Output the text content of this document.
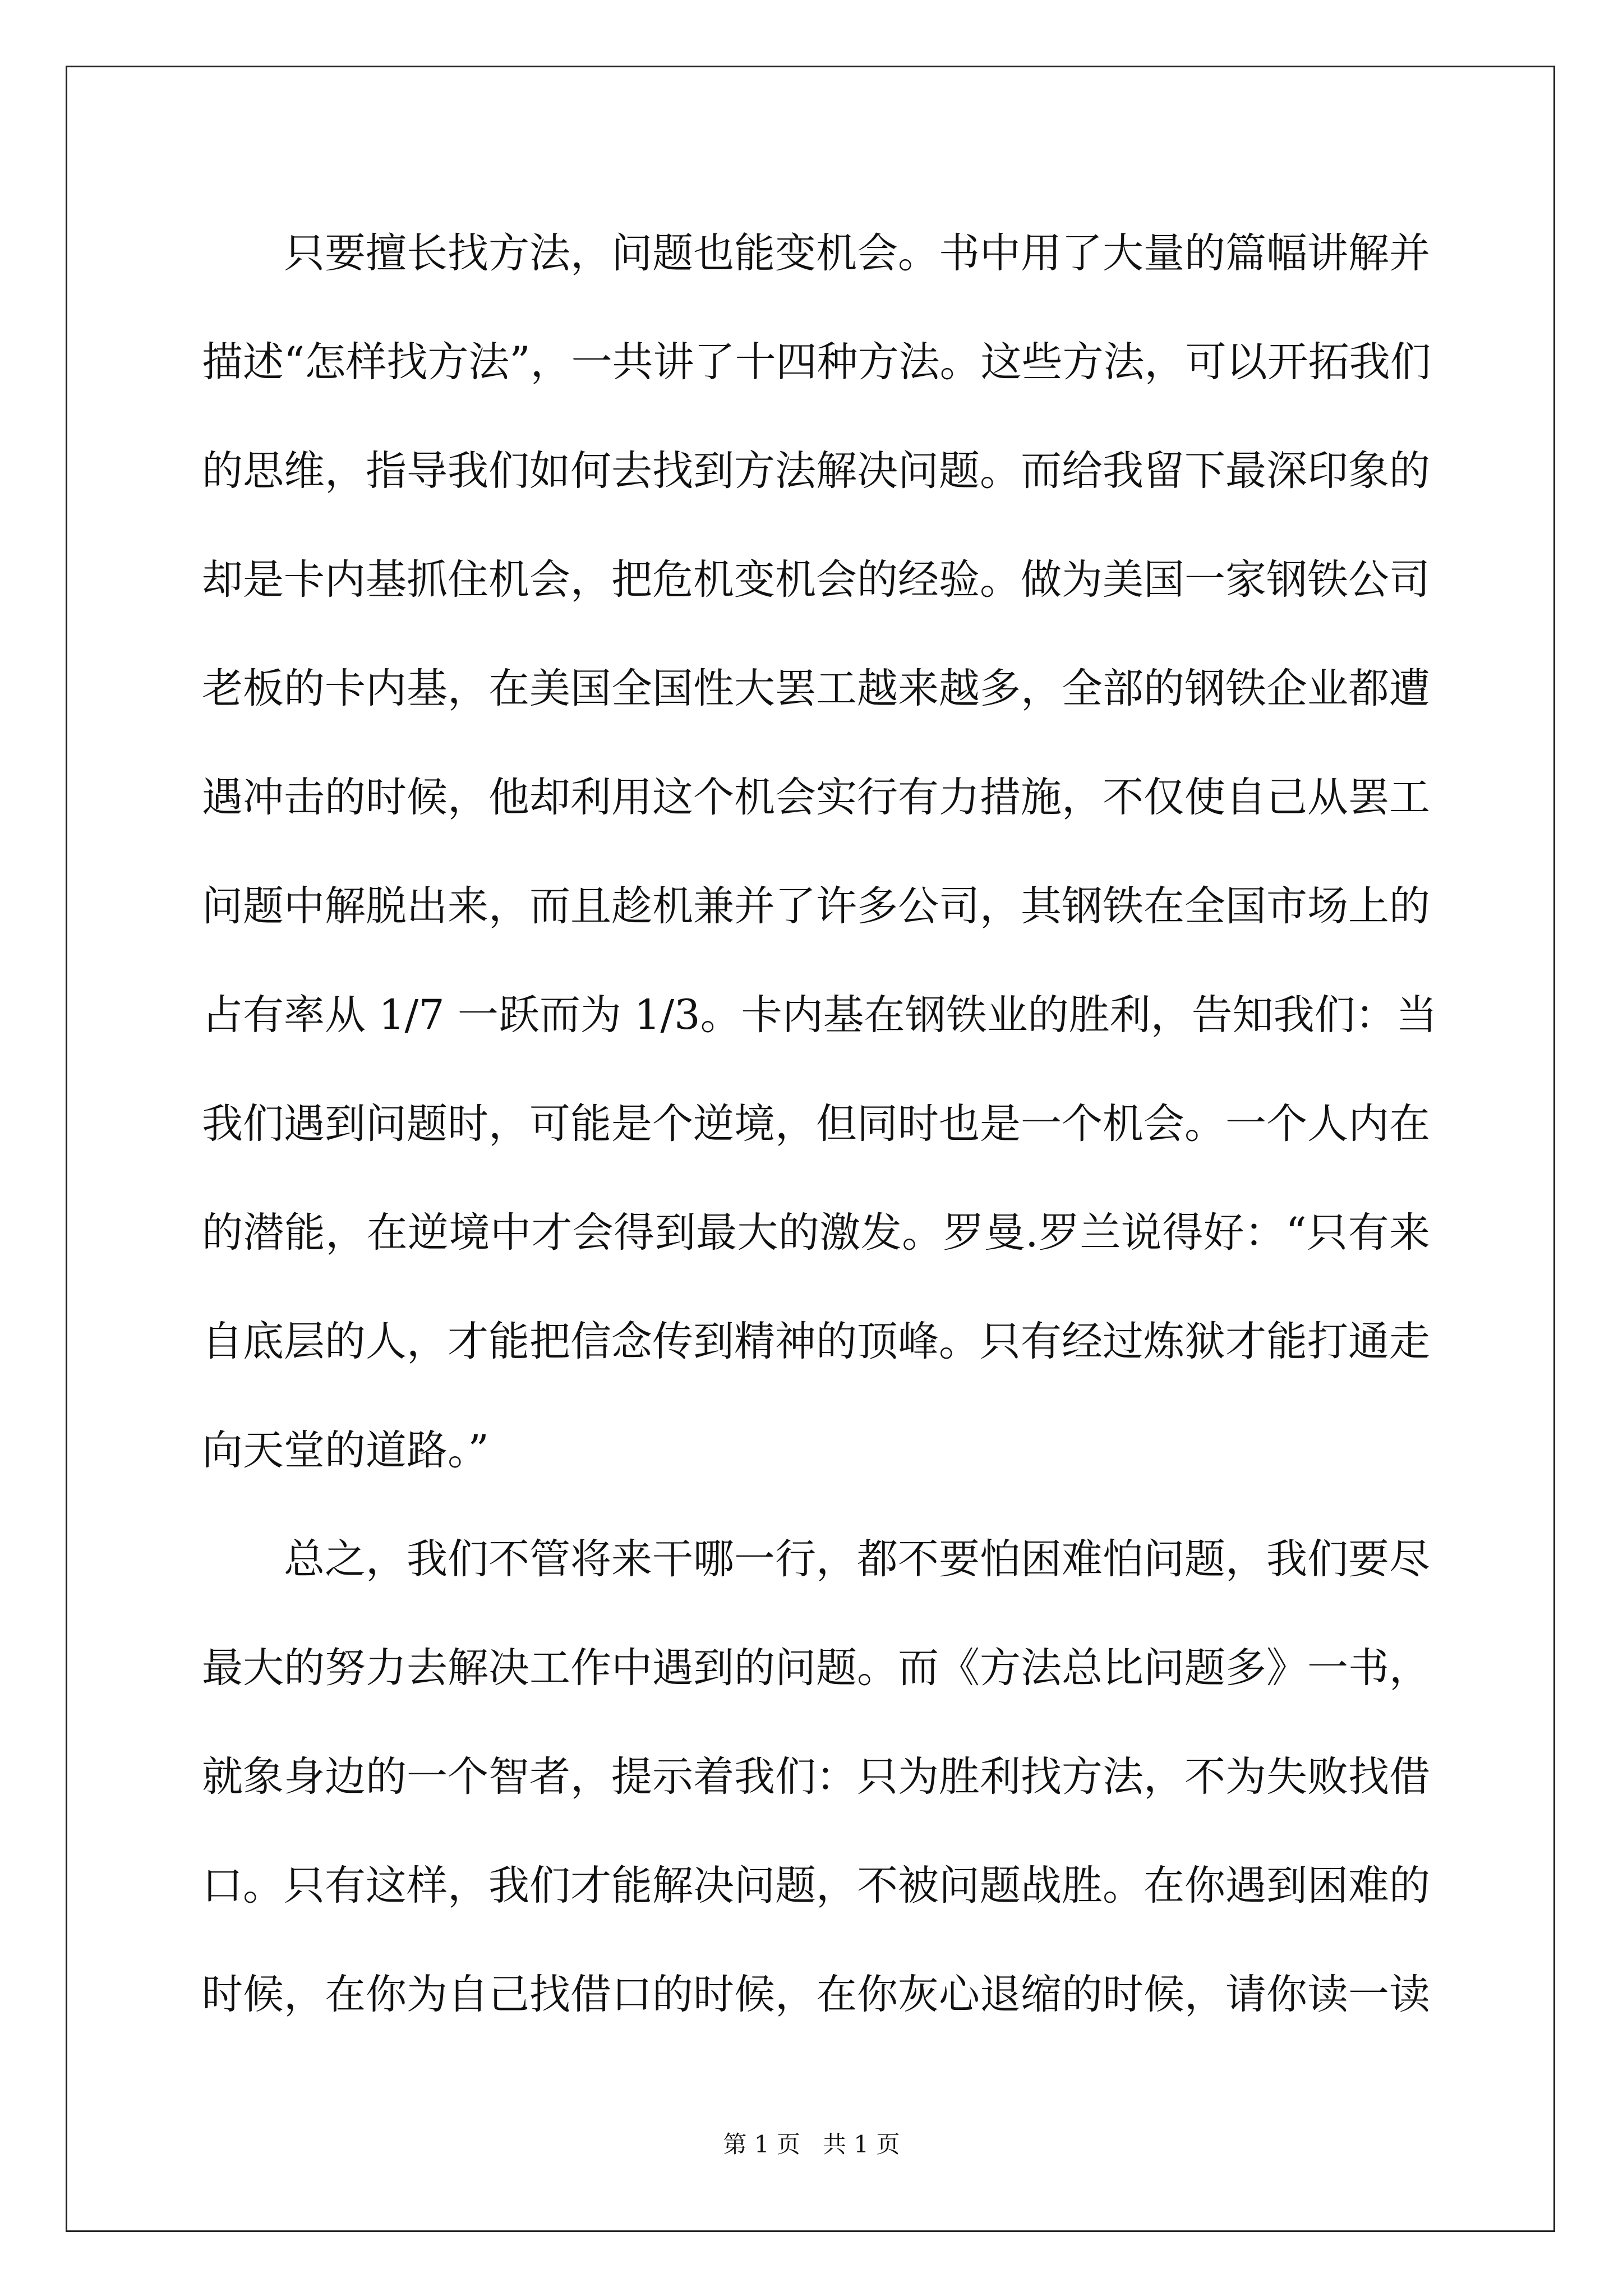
只要擅长找方法，问题也能变机会。书中用了大量的篇幅讲解并
描述“怎样找方法”，一共讲了十四种方法。这些方法，可以开拓我们
的思维，指导我们如何去找到方法解决问题。而给我留下最深印象的
却是卡内基抓住机会，把危机变机会的经验。做为美国一家钢铁公司
老板的卡内基，在美国全国性大罢工越来越多，全部的钢铁企业都遭
遇冲击的时候，他却利用这个机会实行有力措施，不仅使自己从罢工
问题中解脱出来，而且趁机兼并了许多公司，其钢铁在全国市场上的
占有率从 1/7 一跃而为 1/3。卡内基在钢铁业的胜利，告知我们：当
我们遇到问题时，可能是个逆境，但同时也是一个机会。一个人内在
的潜能，在逆境中才会得到最大的激发。罗曼.罗兰说得好：“只有来
自底层的人，才能把信念传到精神的顶峰。只有经过炼狱才能打通走
向天堂的道路。”
总之，我们不管将来干哪一行，都不要怕困难怕问题，我们要尽
最大的努力去解决工作中遇到的问题。而《方法总比问题多》一书，
就象身边的一个智者，提示着我们：只为胜利找方法，不为失败找借
口。只有这样，我们才能解决问题，不被问题战胜。在你遇到困难的
时候，在你为自己找借口的时候，在你灰心退缩的时候，请你读一读
第 1 页   共 1 页
